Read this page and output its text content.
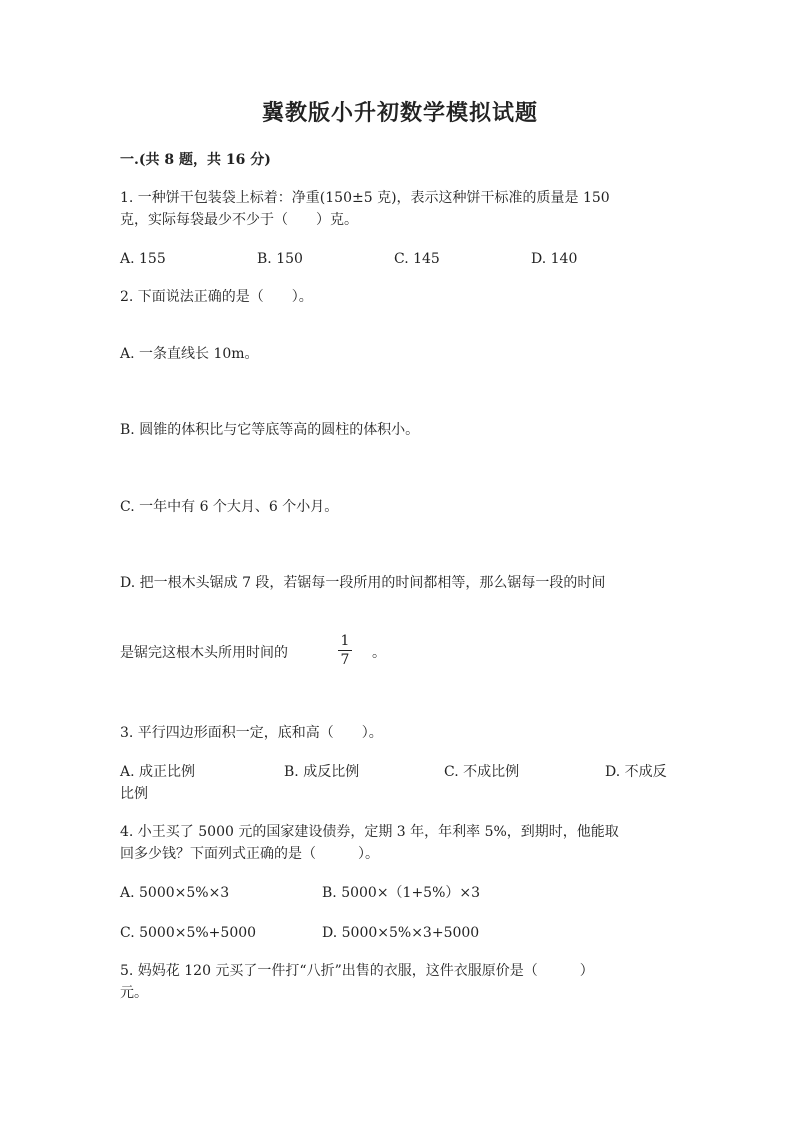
冀教版小升初数学模拟试题
一.(共 8 题，共 16 分)
1. 一种饼干包装袋上标着：净重(150±5 克)，表示这种饼干标准的质量是 150
克，实际每袋最少不少于（　　）克。
A. 155	B. 150	C. 145	D. 140
2. 下面说法正确的是（　　）。
A. 一条直线长 10m。
B. 圆锥的体积比与它等底等高的圆柱的体积小。
C. 一年中有 6 个大月、6 个小月。
D. 把一根木头锯成 7 段，若锯每一段所用的时间都相等，那么锯每一段的时间
是锯完这根木头所用时间的
1
7 。
3. 平行四边形面积一定，底和高（　　）。
A. 成正比例	B. 成反比例	C. 不成比例	D. 不成反
比例
4. 小王买了 5000 元的国家建设债券，定期 3 年，年利率 5%，到期时，他能取
回多少钱？下面列式正确的是（　　　）。
A. 5000×5%×3	B. 5000×（1+5%）×3
C. 5000×5%+5000	D. 5000×5%×3+5000
5. 妈妈花 120 元买了一件打“八折”出售的衣服，这件衣服原价是（　　　）
元。
